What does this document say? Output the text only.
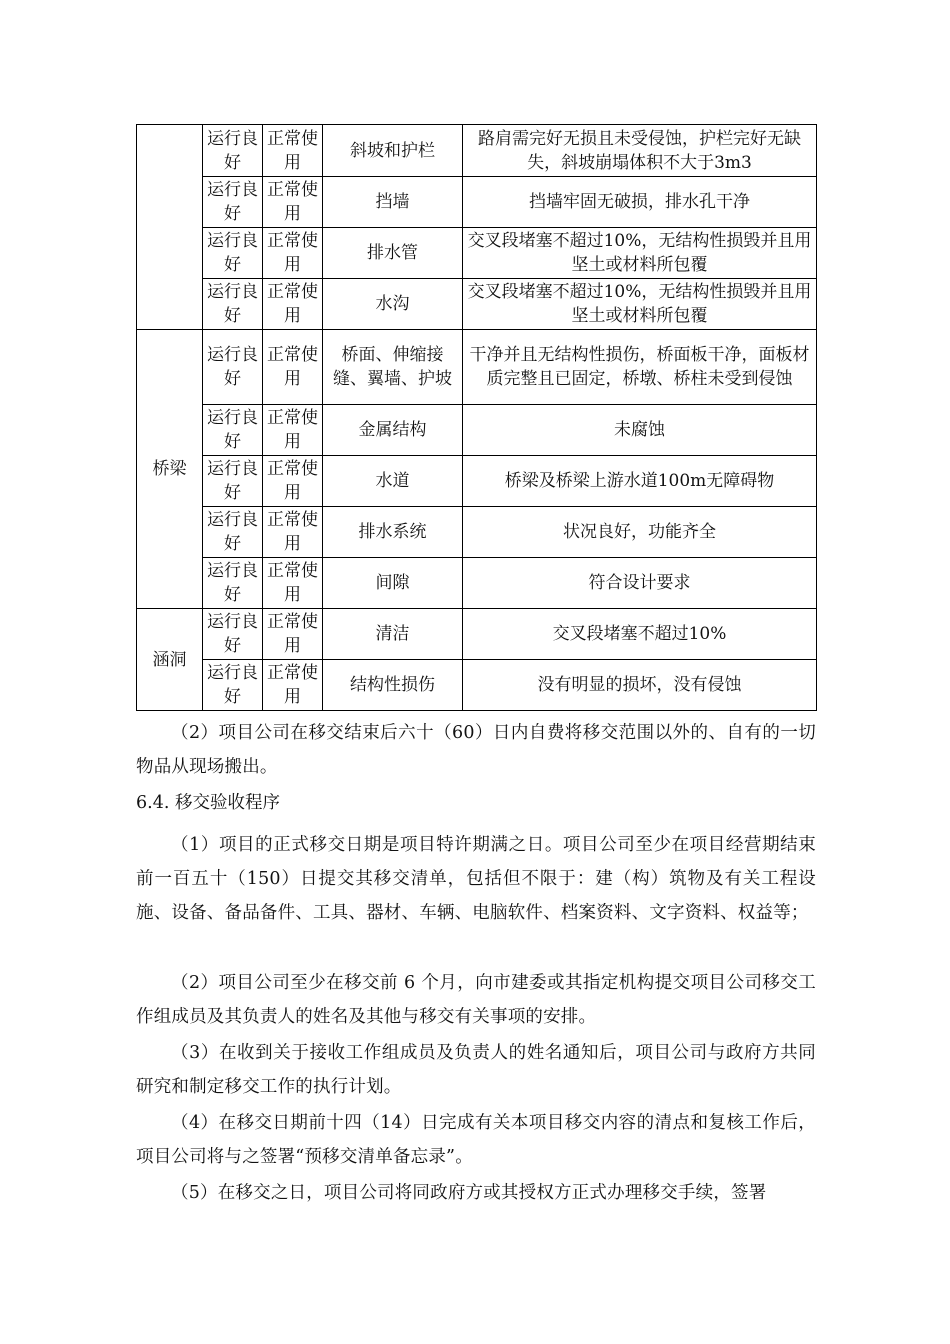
	运行良好	正常使用	斜坡和护栏	路肩需完好无损且未受侵蚀，护栏完好无缺失，斜坡崩塌体积不大于3m3
	运行良好	正常使用	挡墙	挡墙牢固无破损，排水孔干净
	运行良好	正常使用	排水管	交叉段堵塞不超过10%，无结构性损毁并且用坚土或材料所包覆
	运行良好	正常使用	水沟	交叉段堵塞不超过10%，无结构性损毁并且用坚土或材料所包覆
桥梁	运行良好	正常使用	桥面、伸缩接缝、翼墙、护坡	干净并且无结构性损伤，桥面板干净，面板材质完整且已固定，桥墩、桥柱未受到侵蚀
	运行良好	正常使用	金属结构	未腐蚀
	运行良好	正常使用	水道	桥梁及桥梁上游水道100m无障碍物
	运行良好	正常使用	排水系统	状况良好，功能齐全
	运行良好	正常使用	间隙	符合设计要求
涵洞	运行良好	正常使用	清洁	交叉段堵塞不超过10%
	运行良好	正常使用	结构性损伤	没有明显的损坏，没有侵蚀

（2）项目公司在移交结束后六十（60）日内自费将移交范围以外的、自有的一切物品从现场搬出。

6.4. 移交验收程序

（1）项目的正式移交日期是项目特许期满之日。项目公司至少在项目经营期结束前一百五十（150）日提交其移交清单，包括但不限于：建（构）筑物及有关工程设施、设备、备品备件、工具、器材、车辆、电脑软件、档案资料、文字资料、权益等；

（2）项目公司至少在移交前 6 个月，向市建委或其指定机构提交项目公司移交工作组成员及其负责人的姓名及其他与移交有关事项的安排。

（3）在收到关于接收工作组成员及负责人的姓名通知后，项目公司与政府方共同研究和制定移交工作的执行计划。

（4）在移交日期前十四（14）日完成有关本项目移交内容的清点和复核工作后，项目公司将与之签署“预移交清单备忘录”。

（5）在移交之日，项目公司将同政府方或其授权方正式办理移交手续，签署
